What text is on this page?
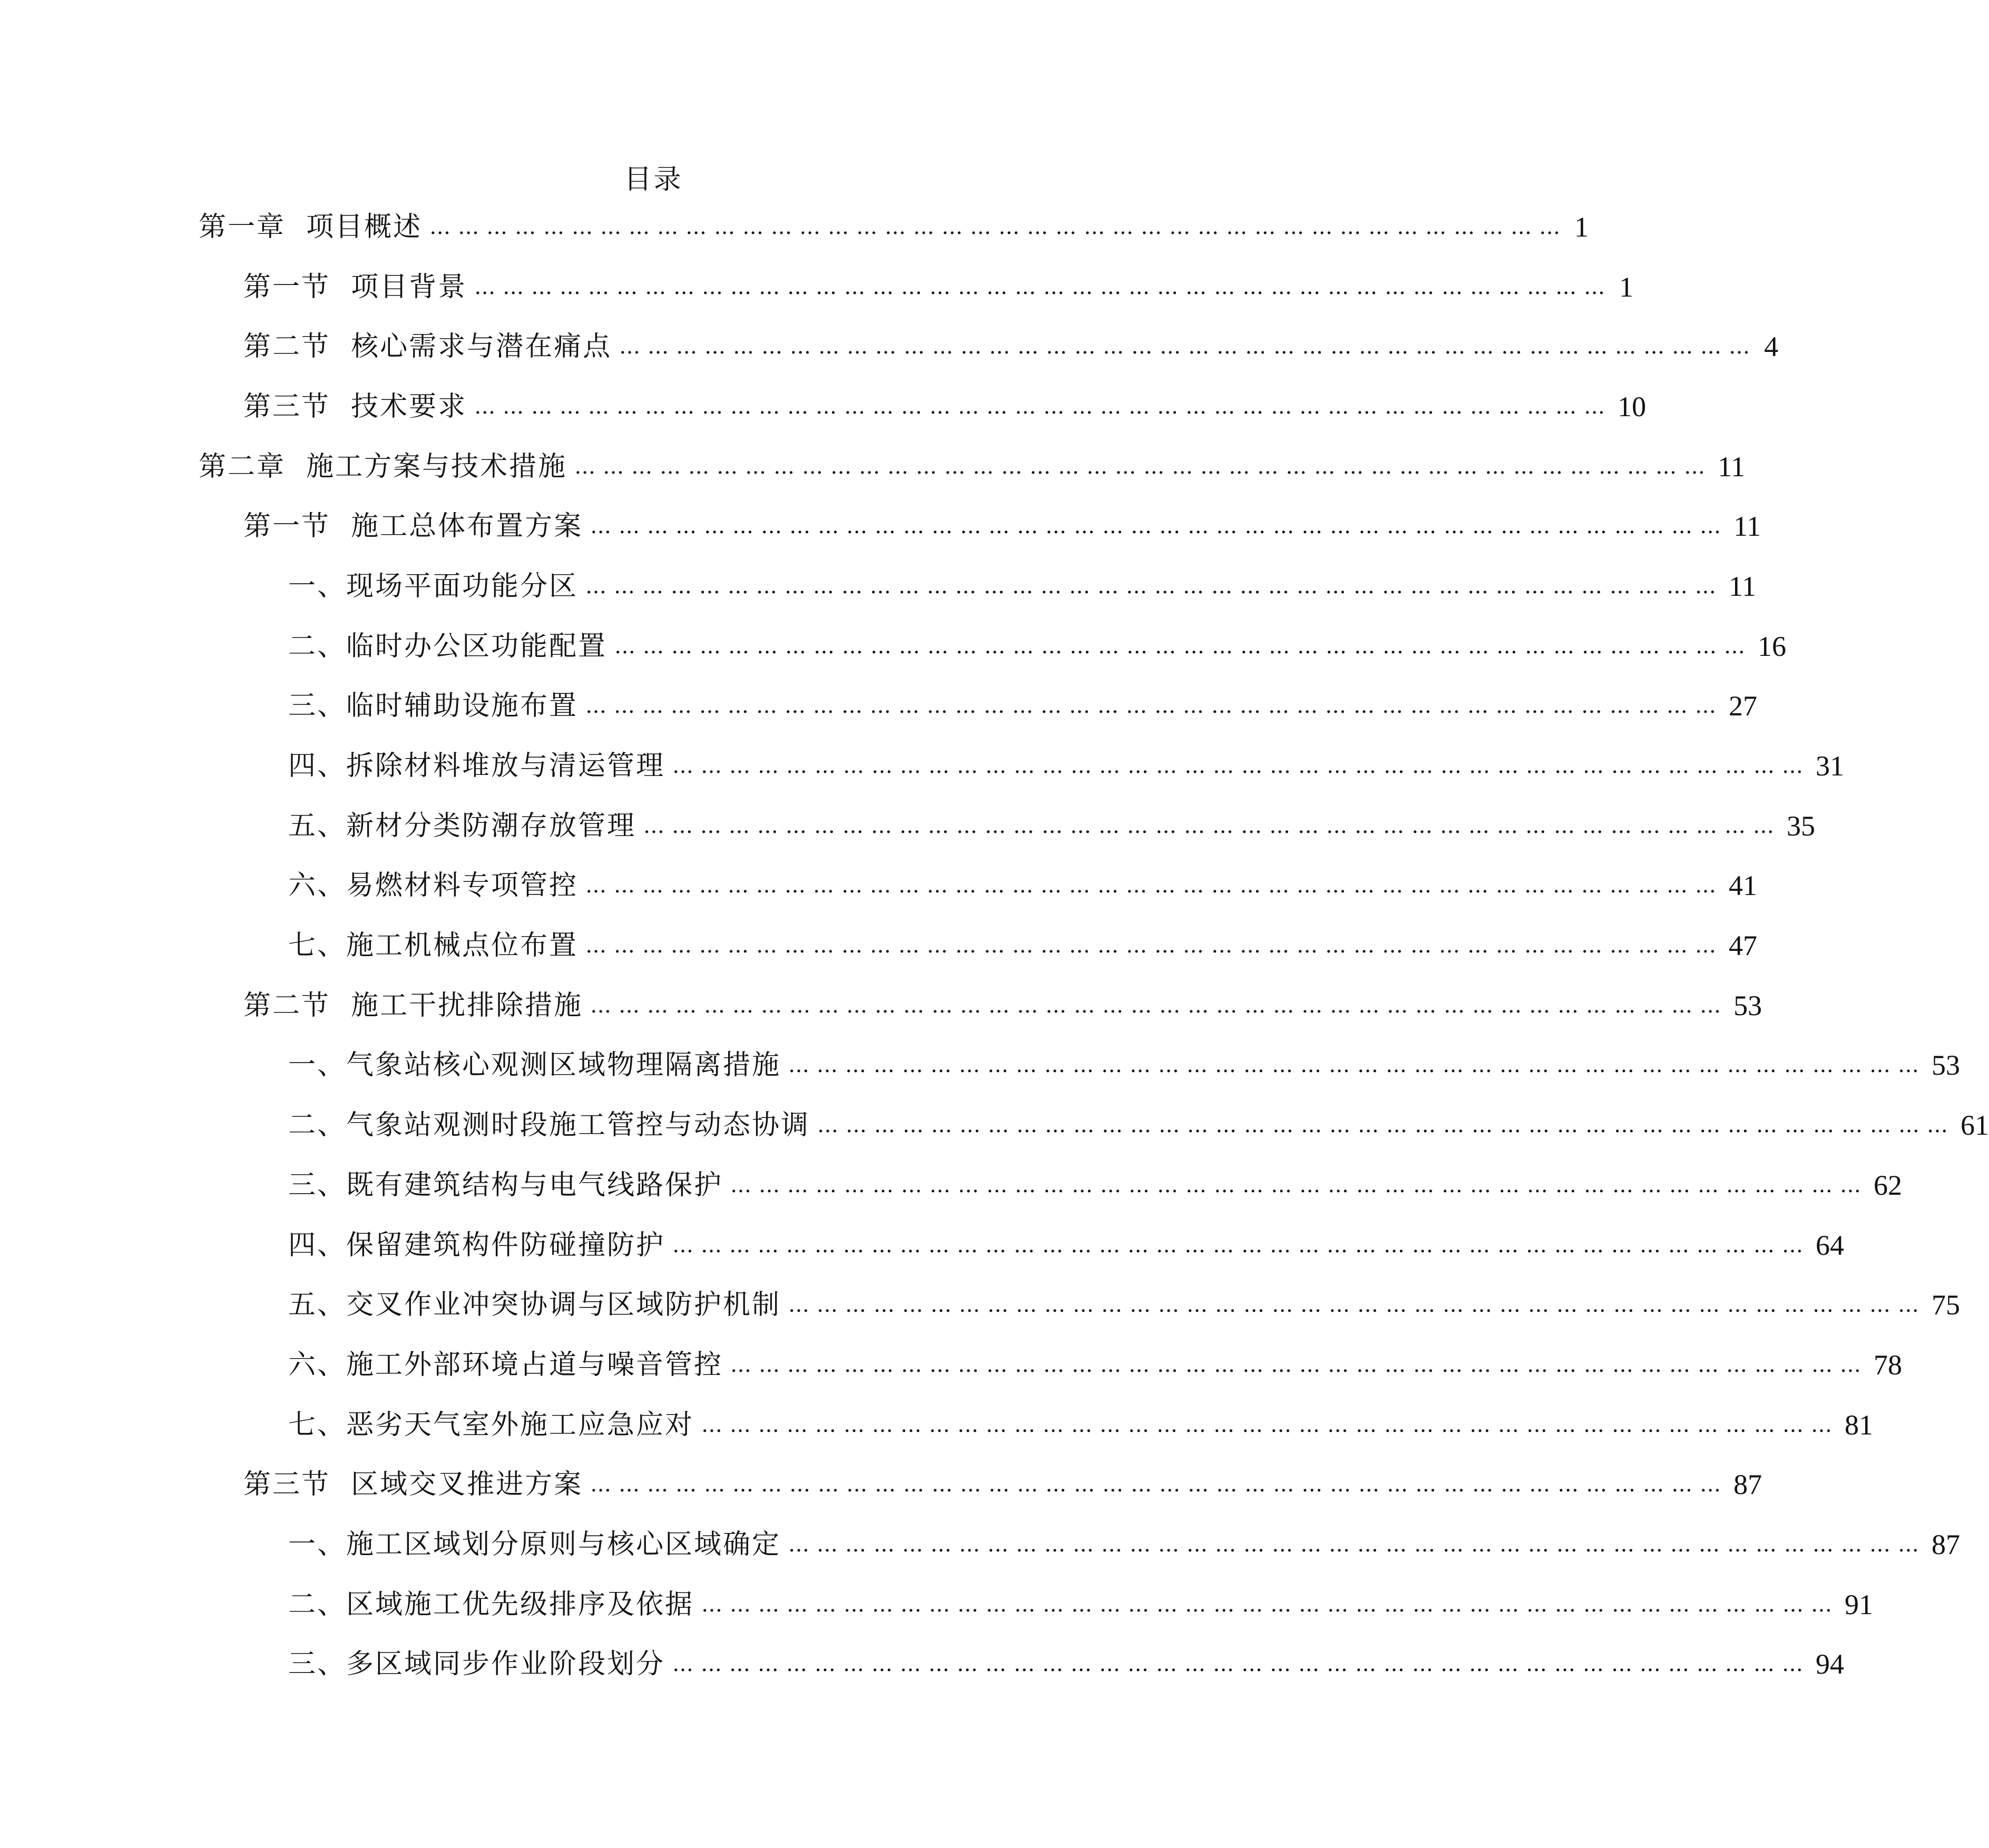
目录
第一章 项目概述 ………………………………………………………………………………………………………… 1
第一节 项目背景 ………………………………………………………………………………………………………… 1
第二节 核心需求与潜在痛点 ………………………………………………………………………………………………………… 4
第三节 技术要求 ………………………………………………………………………………………………………… 10
第二章 施工方案与技术措施 ………………………………………………………………………………………………………… 11
第一节 施工总体布置方案 ………………………………………………………………………………………………………… 11
一、 现场平面功能分区 ………………………………………………………………………………………………………… 11
二、 临时办公区功能配置 ………………………………………………………………………………………………………… 16
三、 临时辅助设施布置 ………………………………………………………………………………………………………… 27
四、 拆除材料堆放与清运管理 ………………………………………………………………………………………………………… 31
五、 新材分类防潮存放管理 ………………………………………………………………………………………………………… 35
六、 易燃材料专项管控 ………………………………………………………………………………………………………… 41
七、 施工机械点位布置 ………………………………………………………………………………………………………… 47
第二节 施工干扰排除措施 ………………………………………………………………………………………………………… 53
一、 气象站核心观测区域物理隔离措施 ………………………………………………………………………………………………………… 53
二、 气象站观测时段施工管控与动态协调 ………………………………………………………………………………………………………… 61
三、 既有建筑结构与电气线路保护 ………………………………………………………………………………………………………… 62
四、 保留建筑构件防碰撞防护 ………………………………………………………………………………………………………… 64
五、 交叉作业冲突协调与区域防护机制 ………………………………………………………………………………………………………… 75
六、 施工外部环境占道与噪音管控 ………………………………………………………………………………………………………… 78
七、 恶劣天气室外施工应急应对 ………………………………………………………………………………………………………… 81
第三节 区域交叉推进方案 ………………………………………………………………………………………………………… 87
一、 施工区域划分原则与核心区域确定 ………………………………………………………………………………………………………… 87
二、 区域施工优先级排序及依据 ………………………………………………………………………………………………………… 91
三、 多区域同步作业阶段划分 ………………………………………………………………………………………………………… 94
